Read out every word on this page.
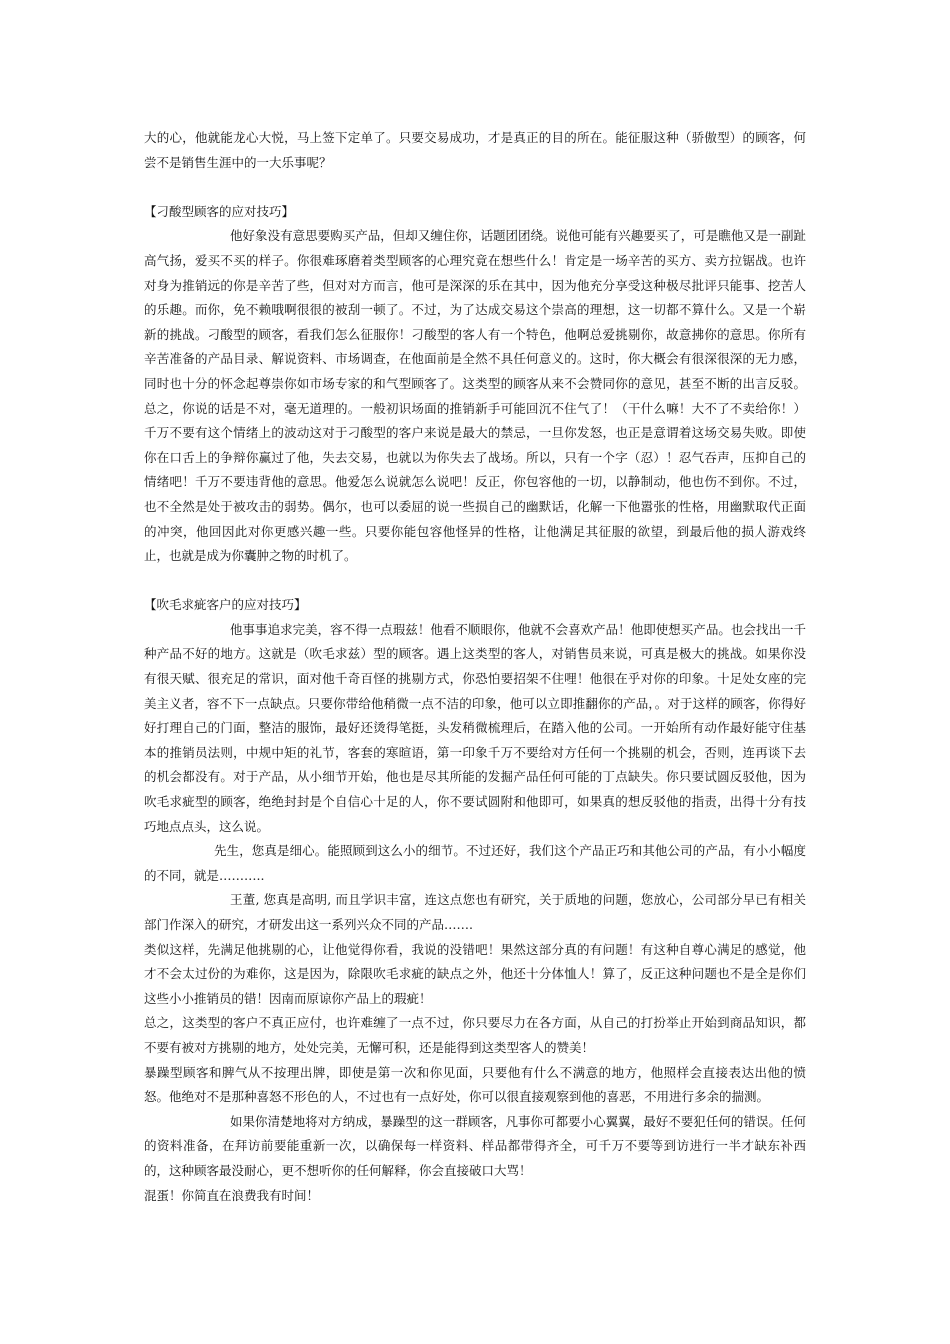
大的心，他就能龙心大悦，马上签下定单了。只要交易成功，才是真正的目的所在。能征服这种（骄傲型）的顾客，何尝不是销售生涯中的一大乐事呢？

【刁酸型顾客的应对技巧】

他好象没有意思要购买产品，但却又缠住你，话题团团绕。说他可能有兴趣要买了，可是瞧他又是一副趾高气扬，爱买不买的样子。你很难琢磨着类型顾客的心理究竟在想些什么！肯定是一场辛苦的买方、卖方拉锯战。也许对身为推销远的你是辛苦了些，但对对方而言，他可是深深的乐在其中，因为他充分享受这种极尽批评只能事、挖苦人的乐趣。而你，免不赖哦啊很很的被刮一顿了。不过，为了达成交易这个崇高的理想，这一切都不算什么。又是一个崭新的挑战。刁酸型的顾客，看我们怎么征服你！刁酸型的客人有一个特色，他啊总爱挑剔你，故意拂你的意思。你所有辛苦准备的产品目录、解说资料、市场调查，在他面前是全然不具任何意义的。这时，你大概会有很深很深的无力感，同时也十分的怀念起尊崇你如市场专家的和气型顾客了。这类型的顾客从来不会赞同你的意见，甚至不断的出言反驳。总之，你说的话是不对，毫无道理的。一般初识场面的推销新手可能回沉不住气了！（干什么嘛！大不了不卖给你！）千万不要有这个情绪上的波动这对于刁酸型的客户来说是最大的禁忌，一旦你发怒，也正是意谓着这场交易失败。即使你在口舌上的争辩你赢过了他，失去交易，也就以为你失去了战场。所以，只有一个字（忍）！忍气吞声，压抑自己的情绪吧！千万不要违背他的意思。他爱怎么说就怎么说吧！反正，你包容他的一切，以静制动，他也伤不到你。不过，也不全然是处于被攻击的弱势。偶尔，也可以委屈的说一些损自己的幽默话，化解一下他嚣张的性格，用幽默取代正面的冲突，他回因此对你更感兴趣一些。只要你能包容他怪异的性格，让他满足其征服的欲望，到最后他的损人游戏终止，也就是成为你囊肿之物的时机了。

【吹毛求疵客户的应对技巧】

他事事追求完美，容不得一点瑕兹！他看不顺眼你，他就不会喜欢产品！他即使想买产品。也会找出一千种产品不好的地方。这就是（吹毛求兹）型的顾客。遇上这类型的客人，对销售员来说，可真是极大的挑战。如果你没有很天赋、很充足的常识，面对他千奇百怪的挑剔方式，你恐怕要招架不住哩！他很在乎对你的印象。十足处女座的完美主义者，容不下一点缺点。只要你带给他稍微一点不洁的印象，他可以立即推翻你的产品，。对于这样的顾客，你得好好打理自己的门面，整洁的服饰，最好还烫得笔挺，头发稍微梳理后，在踏入他的公司。一开始所有动作最好能守住基本的推销员法则，中规中矩的礼节，客套的寒暄语，第一印象千万不要给对方任何一个挑剔的机会，否则，连再谈下去的机会都没有。对于产品，从小细节开始，他也是尽其所能的发掘产品任何可能的丁点缺失。你只要试圆反驳他，因为吹毛求疵型的顾客，绝绝封封是个自信心十足的人，你不要试圆附和他即可，如果真的想反驳他的指责，出得十分有技巧地点点头，这么说。

先生，您真是细心。能照顾到这么小的细节。不过还好，我们这个产品正巧和其他公司的产品，有小小幅度的不同，就是………..

王董, 您真是高明, 而且学识丰富，连这点您也有研究，关于质地的问题，您放心，公司部分早已有相关部门作深入的研究，才研发出这一系列兴众不同的产品…….

类似这样，先满足他挑剔的心，让他觉得你看，我说的没错吧！果然这部分真的有问题！有这种自尊心满足的感觉，他才不会太过份的为难你，这是因为，除限吹毛求疵的缺点之外，他还十分体恤人！算了，反正这种问题也不是全是你们这些小小推销员的错！因南而原谅你产品上的瑕疵！

总之，这类型的客户不真正应付，也许难缠了一点不过，你只要尽力在各方面，从自己的打扮举止开始到商品知识，都不要有被对方挑剔的地方，处处完美，无懈可积，还是能得到这类型客人的赞美！

暴躁型顾客和脾气从不按理出牌，即使是第一次和你见面，只要他有什么不满意的地方，他照样会直接表达出他的愤怒。他绝对不是那种喜怒不形色的人，不过也有一点好处，你可以很直接观察到他的喜恶，不用进行多余的揣测。

如果你清楚地将对方纳成，暴躁型的这一群顾客，凡事你可都要小心翼翼，最好不要犯任何的错误。任何的资料准备，在拜访前要能重新一次，以确保每一样资料、样品都带得齐全，可千万不要等到访进行一半才缺东补西的，这种顾客最没耐心，更不想听你的任何解释，你会直接破口大骂！

混蛋！你简直在浪费我有时间！
